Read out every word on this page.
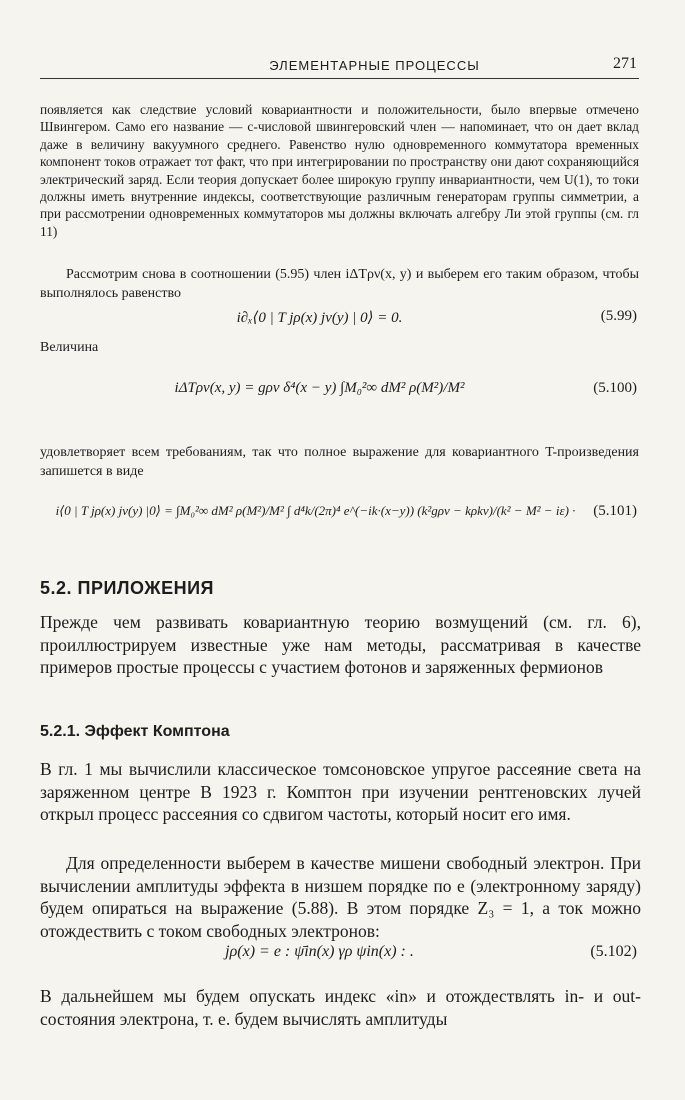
ЭЛЕМЕНТАРНЫЕ ПРОЦЕССЫ	271

появляется как следствие условий ковариантности и положительности, было впервые отмечено Швингером. Само его название — c-числовой швингеровский член — напоминает, что он дает вклад даже в величину вакуумного среднего. Равенство нулю одновременного коммутатора временных компонент токов отражает тот факт, что при интегрировании по пространству они дают сохраняющийся электрический заряд. Если теория допускает более широкую группу инвариантности, чем U(1), то токи должны иметь внутренние индексы, соответствующие различным генераторам группы симметрии, а при рассмотрении одновременных коммутаторов мы должны включать алгебру Ли этой группы (см. гл 11)

Рассмотрим снова в соотношении (5.95) член iΔTρν(x, y) и выберем его таким образом, чтобы выполнялось равенство

i∂ₓ⟨0 | T jρ(x) jν(y) | 0⟩ = 0.	(5.99)
Величина
iΔTρν(x, y) = gρν δ⁴(x − y) ∫M₀²∞ dM² ρ(M²)/M²	(5.100)

удовлетворяет всем требованиям, так что полное выражение для ковариантного T-произведения запишется в виде

i⟨0 | T jρ(x) jν(y) |0⟩ = ∫M₀²∞ dM² ρ(M²)/M² ∫ d⁴k/(2π)⁴ e^(−ik·(x−y)) (k²gρν − kρkν)/(k² − M² − iε) ·	(5.101)
5.2. ПРИЛОЖЕНИЯ

Прежде чем развивать ковариантную теорию возмущений (см. гл. 6), проиллюстрируем известные уже нам методы, рассматривая в качестве примеров простые процессы с участием фотонов и заряженных фермионов

5.2.1. Эффект Комптона

В гл. 1 мы вычислили классическое томсоновское упругое рассеяние света на заряженном центре В 1923 г. Комптон при изучении рентгеновских лучей открыл процесс рассеяния со сдвигом частоты, который носит его имя.

Для определенности выберем в качестве мишени свободный электрон. При вычислении амплитуды эффекта в низшем порядке по e (электронному заряду) будем опираться на выражение (5.88). В этом порядке Z₃ = 1, а ток можно отождествить с током свободных электронов:

jρ(x) = e : ψ̄in(x) γρ ψin(x) : .	(5.102)

В дальнейшем мы будем опускать индекс «in» и отождествлять in- и out-состояния электрона, т. е. будем вычислять амплитуды
